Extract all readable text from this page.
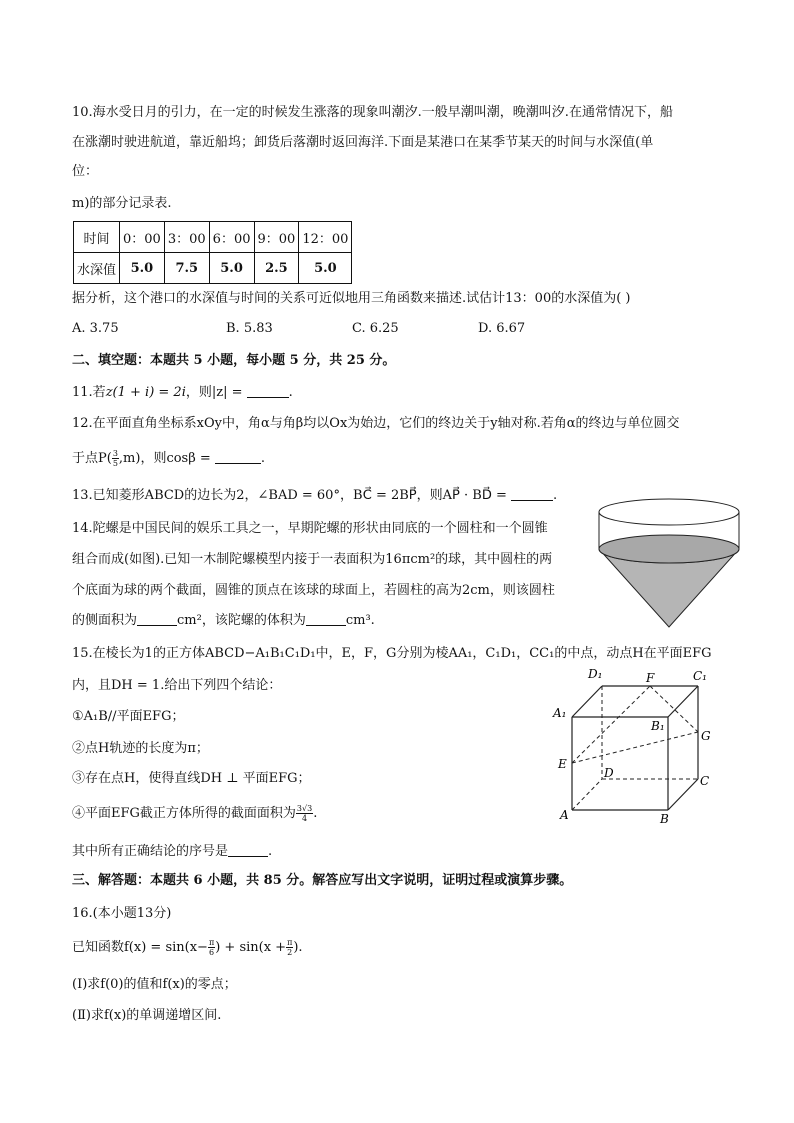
10.海水受日月的引力，在一定的时候发生涨落的现象叫潮汐.一般早潮叫潮，晚潮叫汐.在通常情况下，船
在涨潮时驶进航道，靠近船坞；卸货后落潮时返回海洋.下面是某港口在某季节某天的时间与水深值(单
位：
m)的部分记录表.
时间	0：00	3：00	6：00	9：00	12：00
水深值	5.0	7.5	5.0	2.5	5.0
据分析，这个港口的水深值与时间的关系可近似地用三角函数来描述.试估计13：00的水深值为( )
A. 3.75	B. 5.83	C. 6.25	D. 6.67
二、填空题：本题共 5 小题，每小题 5 分，共 25 分。
11.若z(1 + i) = 2i，则|z| =	.
12.在平面直角坐标系xOy中，角α与角β均以Ox为始边，它们的终边关于y轴对称.若角α的终边与单位圆交
于点$P( \frac{3}{5} ,m)$，则cosβ =	.
13.已知菱形ABCD的边长为2，∠BAD = 60°，BC⃗ = 2BP⃗，则AP⃗ · BD⃗ =	.
14.陀螺是中国民间的娱乐工具之一，早期陀螺的形状由同底的一个圆柱和一个圆锥
组合而成(如图).已知一木制陀螺模型内接于一表面积为16πcm²的球，其中圆柱的两
个底面为球的两个截面，圆锥的顶点在该球的球面上，若圆柱的高为2cm，则该圆柱
的侧面积为	cm²，该陀螺的体积为	cm³.
15.在棱长为1的正方体ABCD−A₁B₁C₁D₁中，E，F，G分别为棱AA₁，C₁D₁，CC₁的中点，动点H在平面EFG
内，且DH = 1.给出下列四个结论：
①A₁B//平面EFG；
②点H轨迹的长度为π；
③存在点H，使得直线DH ⊥ 平面EFG；
④平面EFG截正方体所得的截面面积为 $\frac{3√3}{4}$ .
其中所有正确结论的序号是	.
D₁	F	C₁
A₁
B₁
G
E
D
C
A	B
三、解答题：本题共 6 小题，共 85 分。解答应写出文字说明，证明过程或演算步骤。
16.(本小题13分)
已知函数$f(x) = \sin(x- \frac{\pi}{6}$ ) + $\sin(x + \frac{\pi}{2}$ ).
(Ⅰ)求f(0)的值和f(x)的零点；
(Ⅱ)求f(x)的单调递增区间.
